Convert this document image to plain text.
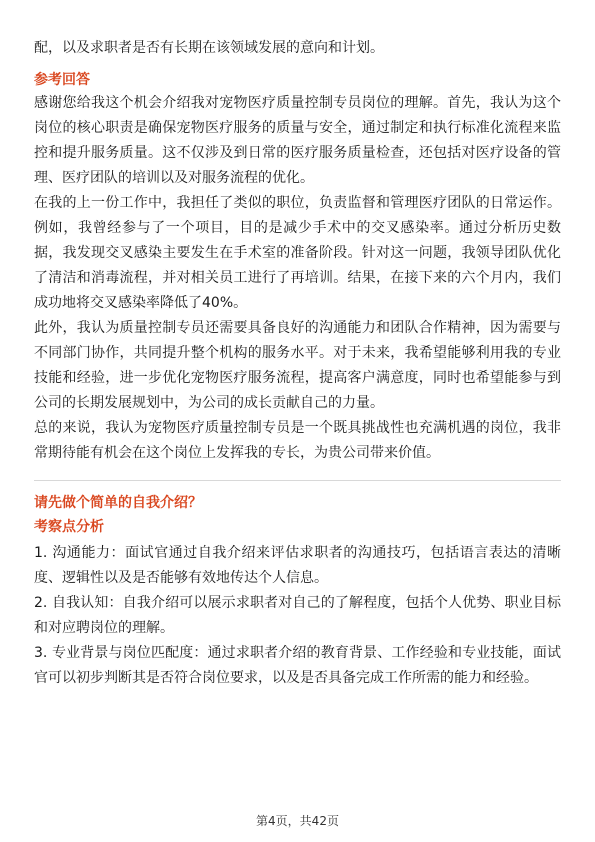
配，以及求职者是否有长期在该领域发展的意向和计划。

参考回答

感谢您给我这个机会介绍我对宠物医疗质量控制专员岗位的理解。首先，我认为这个岗位的核心职责是确保宠物医疗服务的质量与安全，通过制定和执行标准化流程来监控和提升服务质量。这不仅涉及到日常的医疗服务质量检查，还包括对医疗设备的管理、医疗团队的培训以及对服务流程的优化。

在我的上一份工作中，我担任了类似的职位，负责监督和管理医疗团队的日常运作。例如，我曾经参与了一个项目，目的是减少手术中的交叉感染率。通过分析历史数据，我发现交叉感染主要发生在手术室的准备阶段。针对这一问题，我领导团队优化了清洁和消毒流程，并对相关员工进行了再培训。结果，在接下来的六个月内，我们成功地将交叉感染率降低了40%。

此外，我认为质量控制专员还需要具备良好的沟通能力和团队合作精神，因为需要与不同部门协作，共同提升整个机构的服务水平。对于未来，我希望能够利用我的专业技能和经验，进一步优化宠物医疗服务流程，提高客户满意度，同时也希望能参与到公司的长期发展规划中，为公司的成长贡献自己的力量。

总的来说，我认为宠物医疗质量控制专员是一个既具挑战性也充满机遇的岗位，我非常期待能有机会在这个岗位上发挥我的专长，为贵公司带来价值。

请先做个简单的自我介绍？
考察点分析

1. 沟通能力：面试官通过自我介绍来评估求职者的沟通技巧，包括语言表达的清晰度、逻辑性以及是否能够有效地传达个人信息。

2. 自我认知：自我介绍可以展示求职者对自己的了解程度，包括个人优势、职业目标和对应聘岗位的理解。

3. 专业背景与岗位匹配度：通过求职者介绍的教育背景、工作经验和专业技能，面试官可以初步判断其是否符合岗位要求，以及是否具备完成工作所需的能力和经验。

第4页，共42页
